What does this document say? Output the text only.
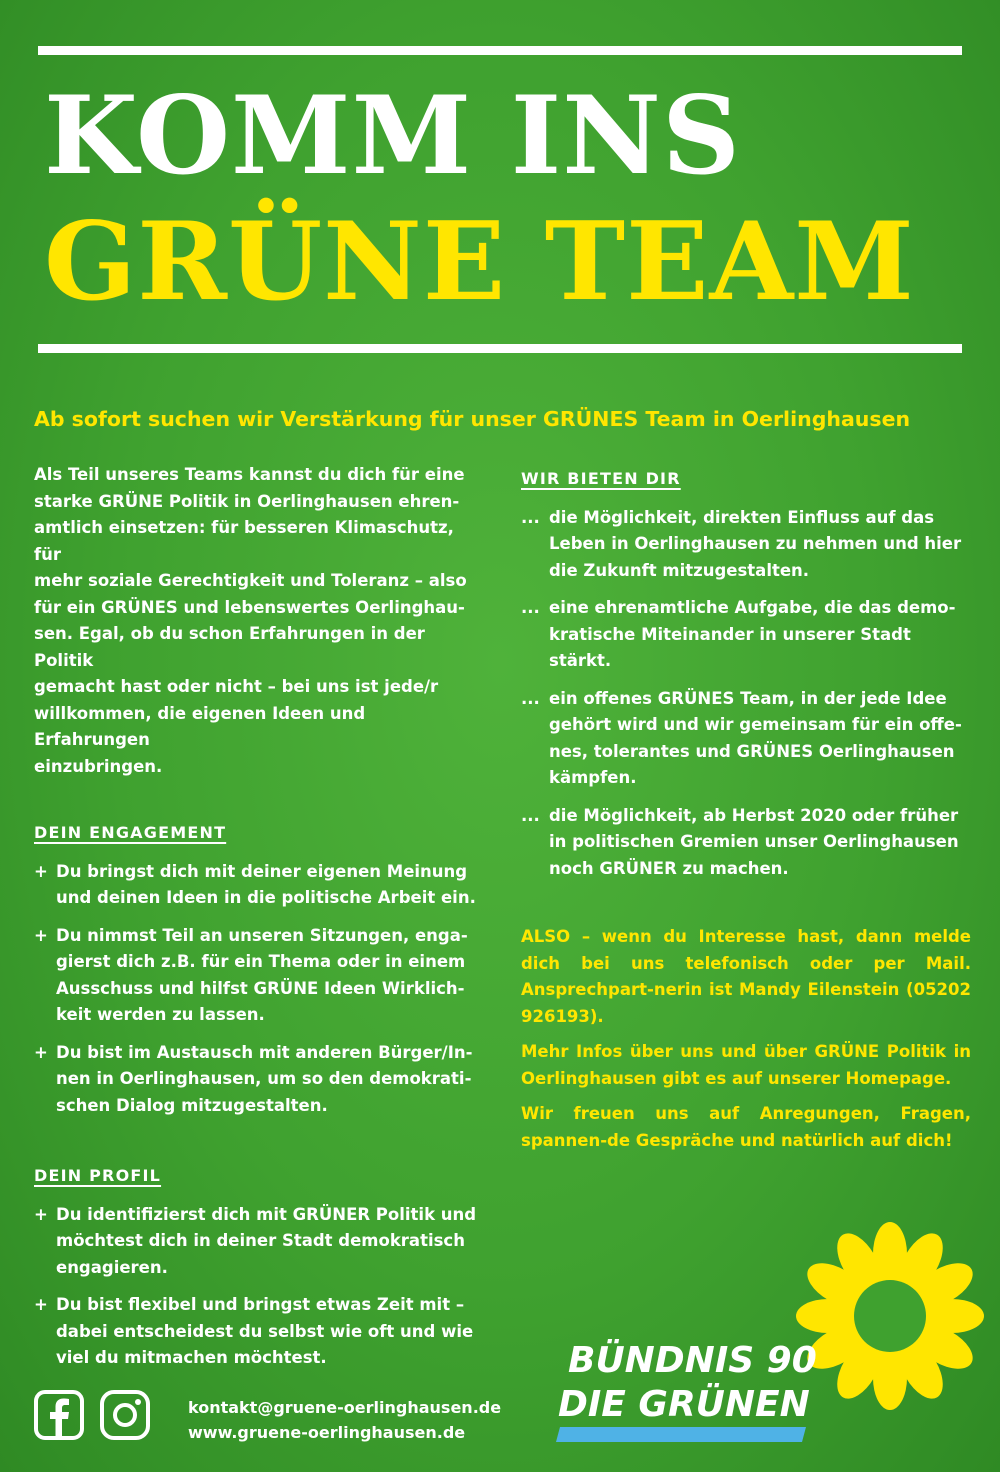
KOMM INS
GRÜNE TEAM
Ab sofort suchen wir Verstärkung für unser GRÜNES Team in Oerlinghausen

Als Teil unseres Teams kannst du dich für eine
starke GRÜNE Politik in Oerlinghausen ehren-
amtlich einsetzen: für besseren Klimaschutz, für
mehr soziale Gerechtigkeit und Toleranz – also
für ein GRÜNES und lebenswertes Oerlinghau-
sen. Egal, ob du schon Erfahrungen in der Politik
gemacht hast oder nicht – bei uns ist jede/r
willkommen, die eigenen Ideen und Erfahrungen
einzubringen.

DEIN ENGAGEMENT
+ Du bringst dich mit deiner eigenen Meinung
und deinen Ideen in die politische Arbeit ein.
+ Du nimmst Teil an unseren Sitzungen, enga-
gierst dich z.B. für ein Thema oder in einem
Ausschuss und hilfst GRÜNE Ideen Wirklich-
keit werden zu lassen.
+ Du bist im Austausch mit anderen Bürger/In-
nen in Oerlinghausen, um so den demokrati-
schen Dialog mitzugestalten.
DEIN PROFIL
+ Du identifizierst dich mit GRÜNER Politik und
möchtest dich in deiner Stadt demokratisch
engagieren.
+ Du bist flexibel und bringst etwas Zeit mit –
dabei entscheidest du selbst wie oft und wie
viel du mitmachen möchtest.
WIR BIETEN DIR
... die Möglichkeit, direkten Einfluss auf das
Leben in Oerlinghausen zu nehmen und hier
die Zukunft mitzugestalten.
... eine ehrenamtliche Aufgabe, die das demo-
kratische Miteinander in unserer Stadt stärkt.
... ein offenes GRÜNES Team, in der jede Idee
gehört wird und wir gemeinsam für ein offe-
nes, tolerantes und GRÜNES Oerlinghausen
kämpfen.
... die Möglichkeit, ab Herbst 2020 oder früher
in politischen Gremien unser Oerlinghausen
noch GRÜNER zu machen.

ALSO – wenn du Interesse hast, dann melde dich bei uns telefonisch oder per Mail. Ansprechpart-nerin ist Mandy Eilenstein (05202 926193).

Mehr Infos über uns und über GRÜNE Politik in Oerlinghausen gibt es auf unserer Homepage.

Wir freuen uns auf Anregungen, Fragen, spannen-de Gespräche und natürlich auf dich!

kontakt@gruene-oerlinghausen.de
www.gruene-oerlinghausen.de
BÜNDNIS 90
DIE GRÜNEN
